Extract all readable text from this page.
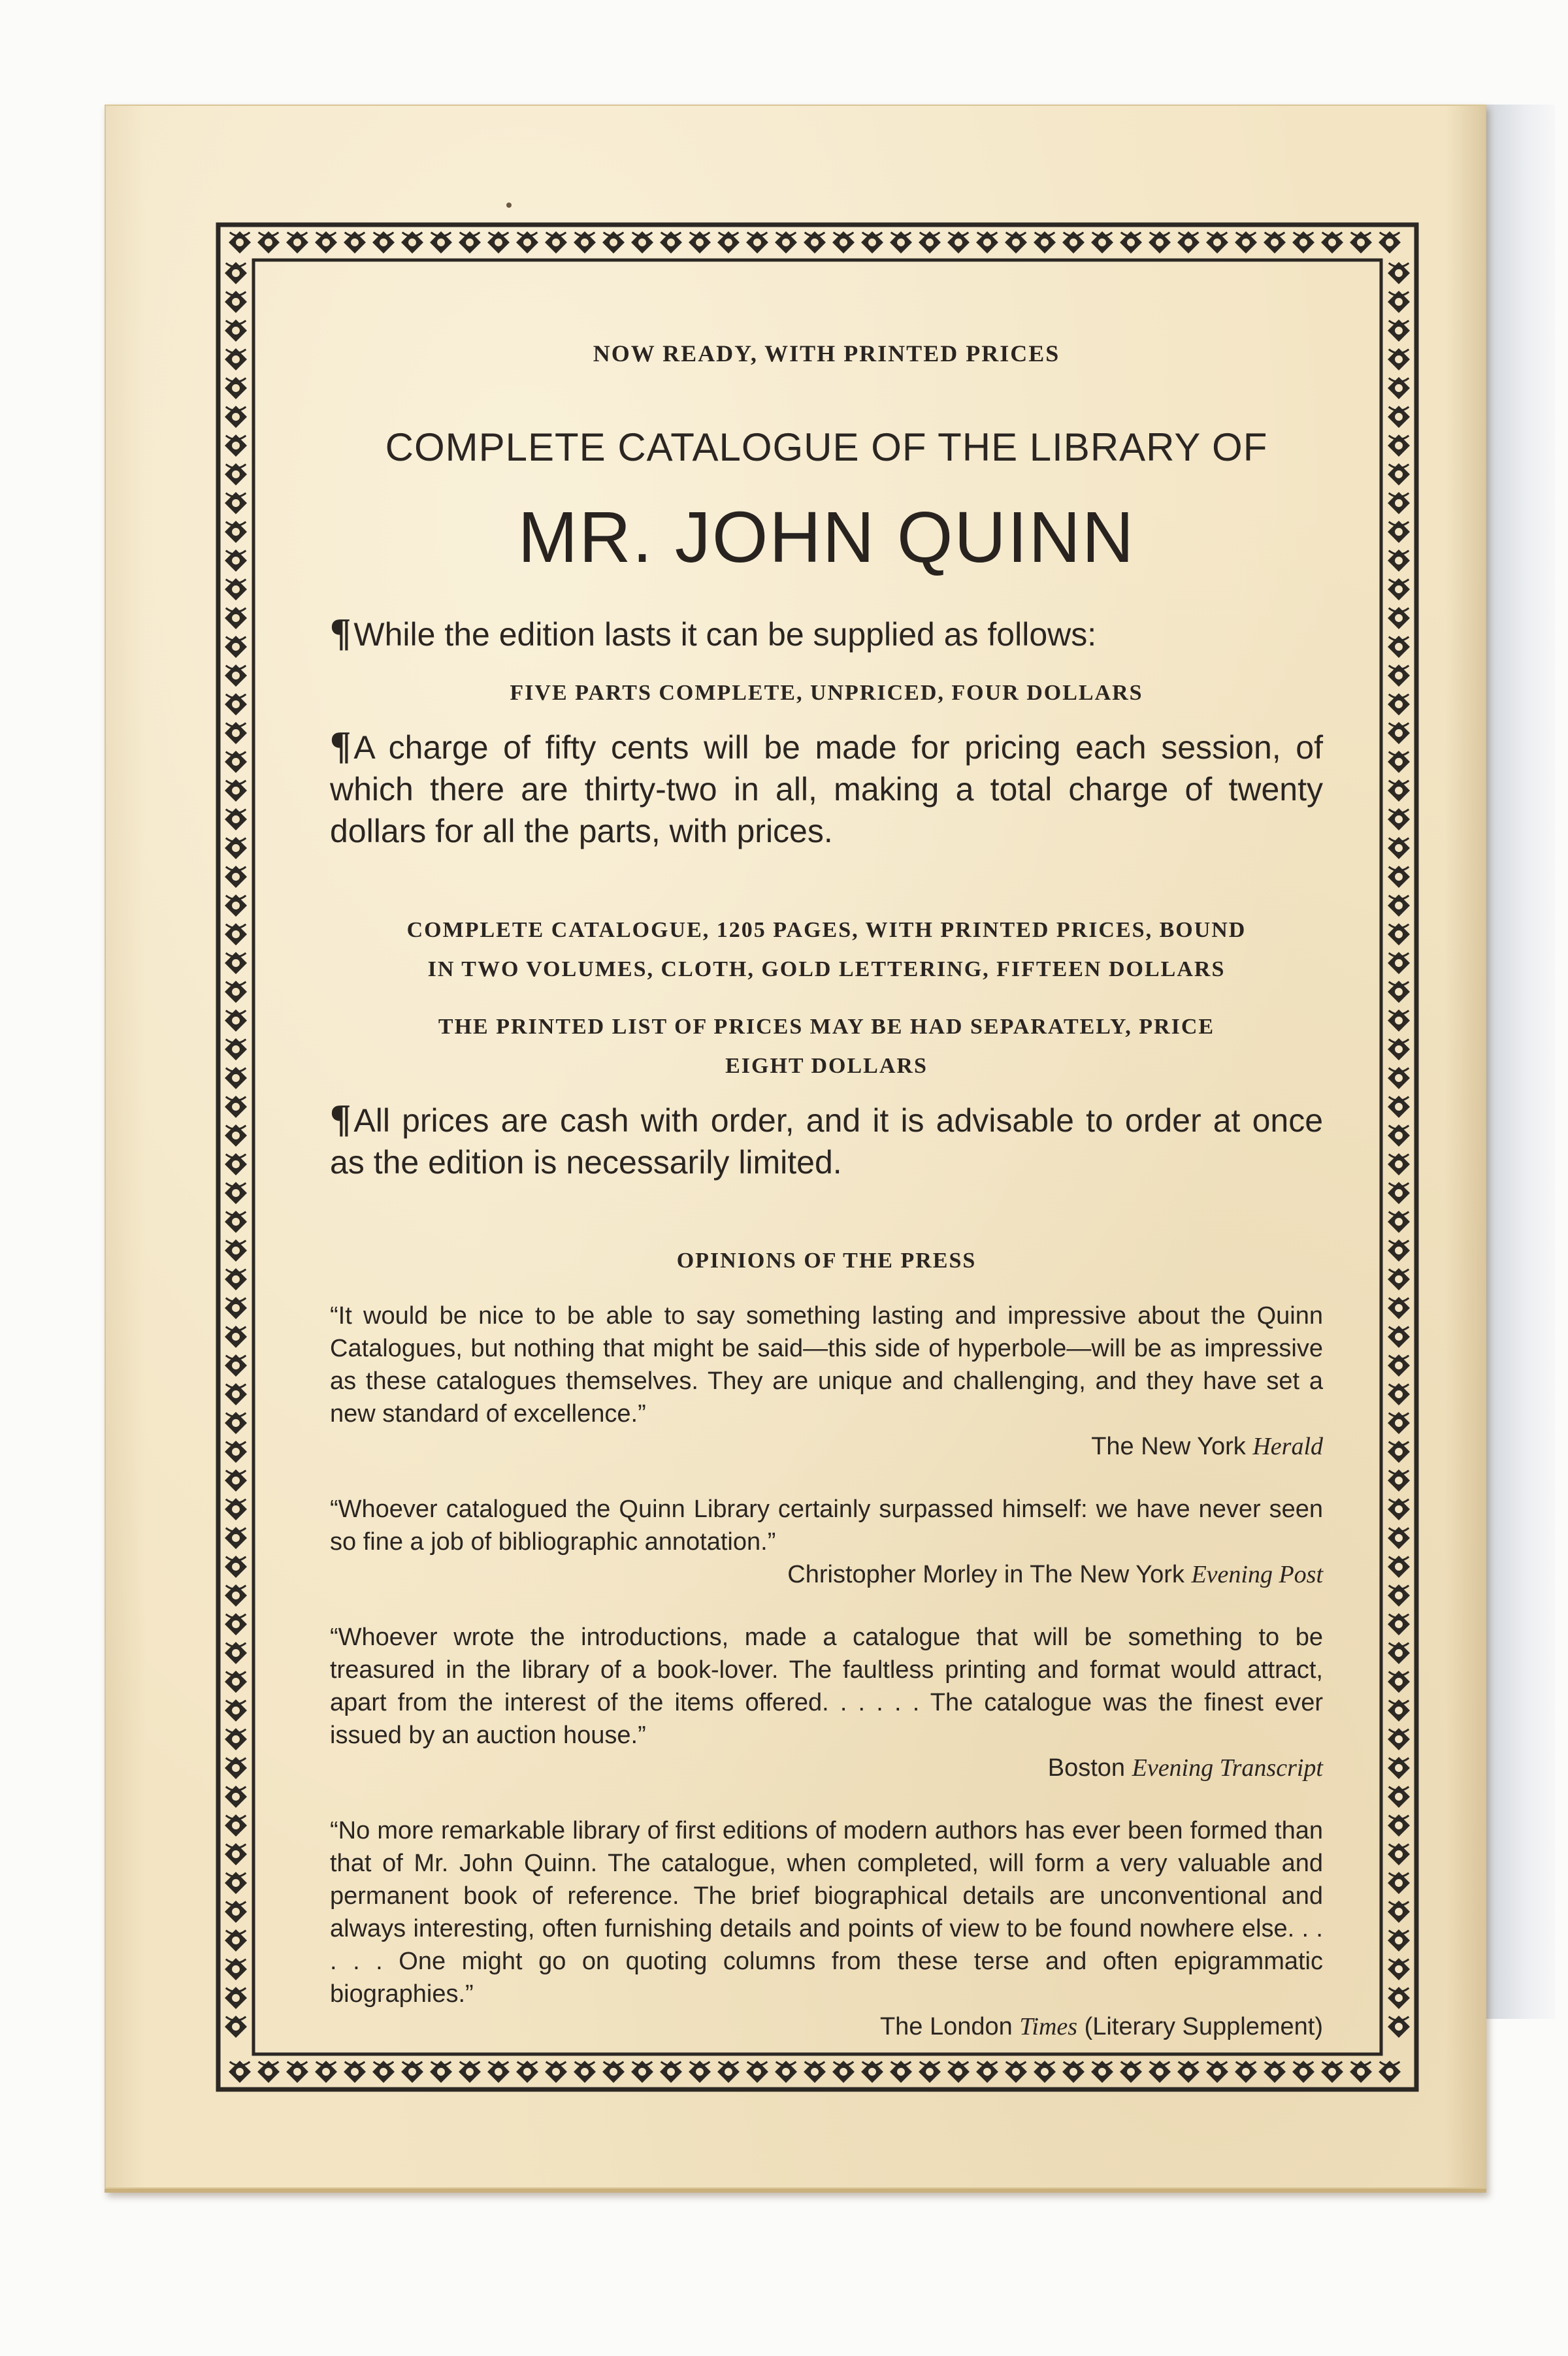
NOW READY, WITH PRINTED PRICES

COMPLETE CATALOGUE OF THE LIBRARY OF

MR. JOHN QUINN

¶While the edition lasts it can be supplied as follows:

FIVE PARTS COMPLETE, UNPRICED, FOUR DOLLARS

¶A charge of fifty cents will be made for pricing each session, of which there are thirty-two in all, making a total charge of twenty dollars for all the parts, with prices.

COMPLETE CATALOGUE, 1205 PAGES, WITH PRINTED PRICES, BOUND

IN TWO VOLUMES, CLOTH, GOLD LETTERING, FIFTEEN DOLLARS

THE PRINTED LIST OF PRICES MAY BE HAD SEPARATELY, PRICE

EIGHT DOLLARS

¶All prices are cash with order, and it is advisable to order at once as the edition is necessarily limited.

OPINIONS OF THE PRESS

“It would be nice to be able to say something lasting and impressive about the Quinn Catalogues, but nothing that might be said—this side of hyperbole—will be as impressive as these catalogues themselves. They are unique and challenging, and they have set a new standard of excellence.”

The New York Herald

“Whoever catalogued the Quinn Library certainly surpassed himself: we have never seen so fine a job of bibliographic annotation.”

Christopher Morley in The New York Evening Post

“Whoever wrote the introductions, made a catalogue that will be something to be treasured in the library of a book-lover. The faultless printing and format would attract, apart from the interest of the items offered. . . . . . The catalogue was the finest ever issued by an auction house.”

Boston Evening Transcript

“No more remarkable library of first editions of modern authors has ever been formed than that of Mr. John Quinn. The catalogue, when completed, will form a very valuable and permanent book of reference. The brief biographical details are unconventional and always interesting, often furnishing details and points of view to be found nowhere else. . . . . . One might go on quoting columns from these terse and often epigrammatic biographies.”

The London Times (Literary Supplement)
